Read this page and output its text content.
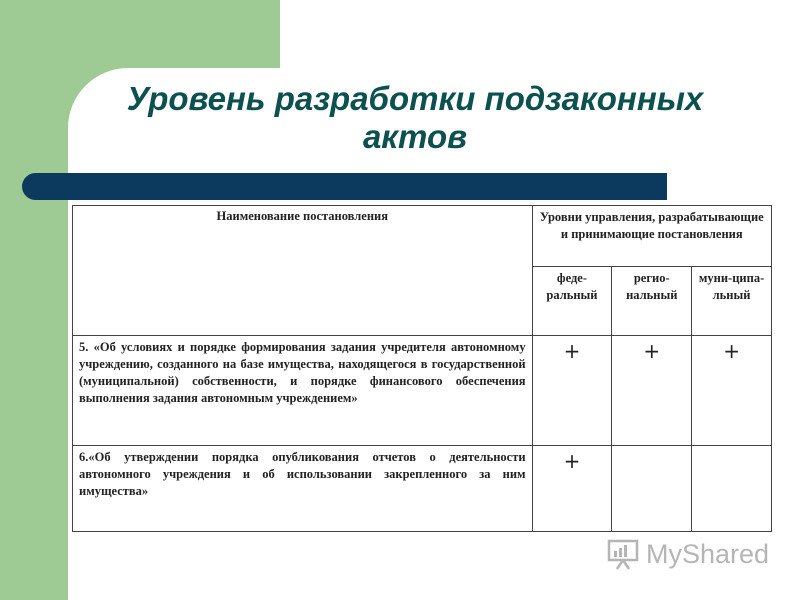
Уровень разработки подзаконных
актов
Наименование постановления	Уровни управления, разрабатывающие и принимающие постановления		
	феде-ральный	регио-нальный	муни-ципа-льный

5. «Об условиях и порядке формирования задания учредителя автономному учреждению, созданного на базе имущества, находящегося в государственной (муниципальной) собственности, и порядке финансового обеспечения выполнения задания автономным учреждением»	+	+	+

6.«Об утверждении порядка опубликования отчетов о деятельности автономного учреждения и об использовании закрепленного за ним имущества»	+		
MyShared
